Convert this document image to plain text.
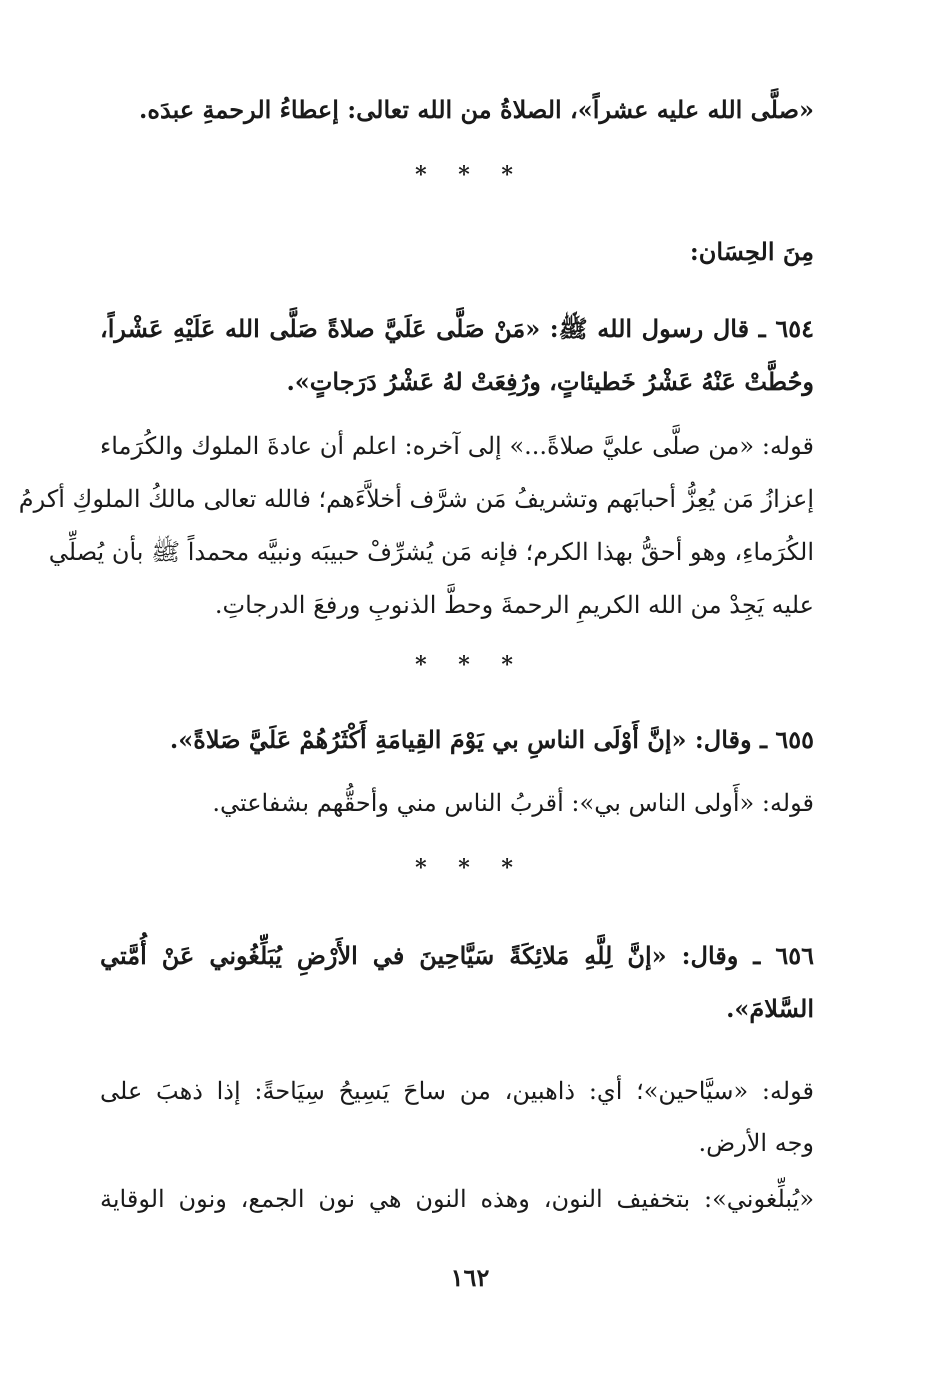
«صلَّى الله عليه عشراً»، الصلاةُ من الله تعالى: إعطاءُ الرحمةِ عبدَه.
* * *
مِنَ الحِسَان:
٦٥٤ ـ قال رسول الله ﷺ: «مَنْ صَلَّى عَلَيَّ صلاةً صَلَّى الله عَلَيْهِ عَشْراً،
وحُطَّتْ عَنْهُ عَشْرُ خَطيئاتٍ، ورُفِعَتْ لهُ عَشْرُ دَرَجاتٍ».
قوله: «من صلَّى عليَّ صلاةً...» إلى آخره: اعلم أن عادةَ الملوك والكُرَماء
إعزازُ مَن يُعِزُّ أحبابَهم وتشريفُ مَن شرَّف أخلاَّءَهم؛ فالله تعالى مالكُ الملوكِ أكرمُ
الكُرَماءِ، وهو أحقُّ بهذا الكرم؛ فإنه مَن يُشرِّفْ حبيبَه ونبيَّه محمداً ﷺ بأن يُصلِّي
عليه يَجِدْ من الله الكريمِ الرحمةَ وحطَّ الذنوبِ ورفعَ الدرجاتِ.
* * *
٦٥٥ ـ وقال: «إنَّ أَوْلَى الناسِ بي يَوْمَ القِيامَةِ أَكْثَرُهُمْ عَلَيَّ صَلاةً».
قوله: «أَولى الناس بي»: أقربُ الناس مني وأحقُّهم بشفاعتي.
* * *
٦٥٦ ـ وقال: «إنَّ لِلَّهِ مَلائِكَةً سَيَّاحِينَ في الأَرْضِ يُبَلِّغُوني عَنْ أُمَّتي
السَّلامَ».
قوله: «سيَّاحين»؛ أي: ذاهبين، من ساحَ يَسِيحُ سِيَاحةً: إذا ذهبَ على
وجه الأرض.
«يُبلِّغوني»: بتخفيف النون، وهذه النون هي نون الجمع، ونون الوقاية
١٦٢
